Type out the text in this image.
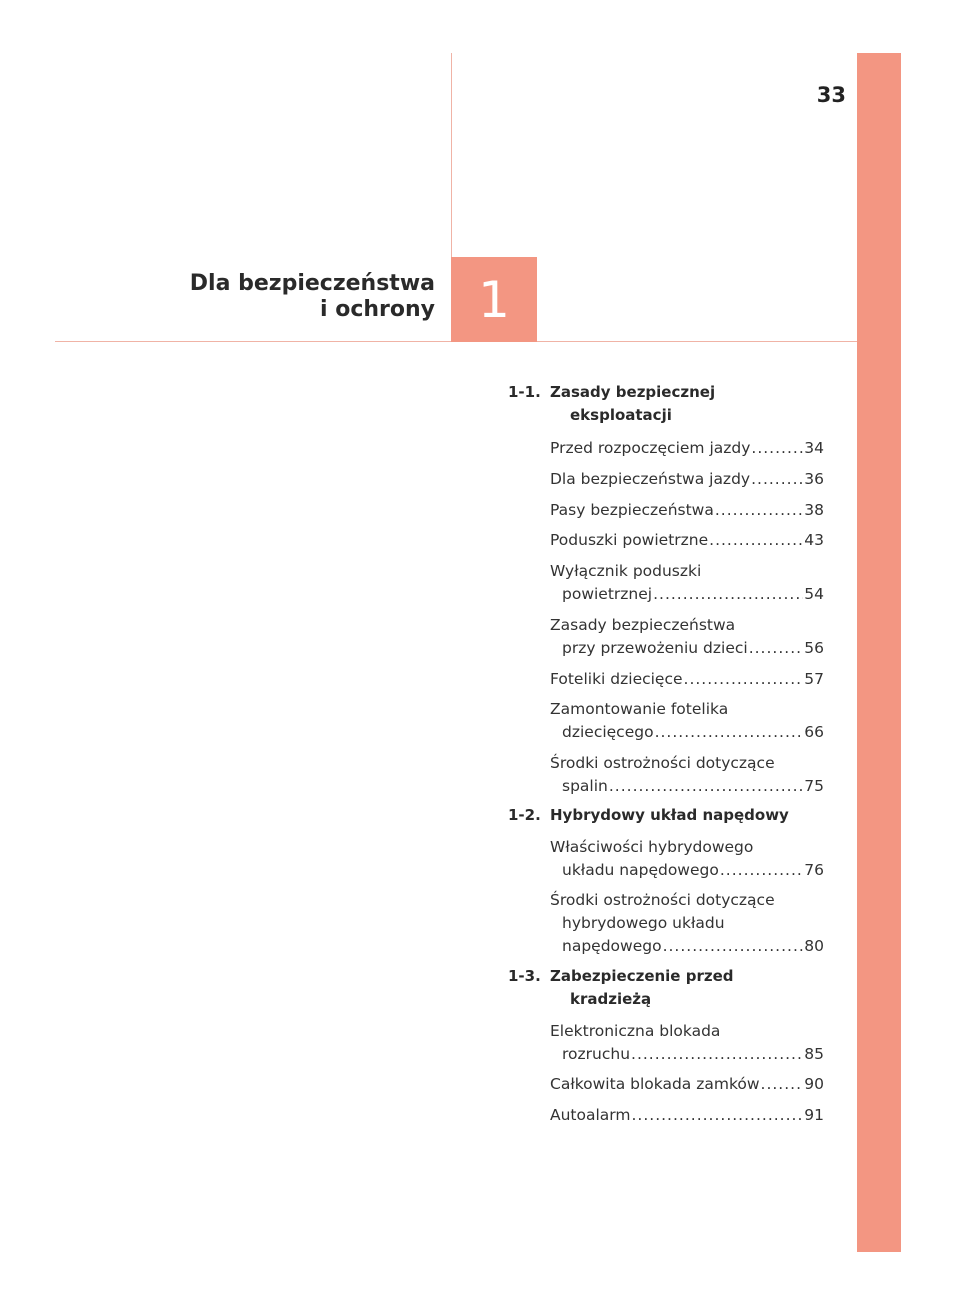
33
Dla bezpieczeństwa
i ochrony 1
1-1. Zasady bezpiecznej
eksploatacji
Przed rozpoczęciem jazdy .....	34
Dla bezpieczeństwa jazdy .....	36
Pasy bezpieczeństwa .....	38
Poduszki powietrzne .....	43
Wyłącznik poduszki
powietrznej .....	54
Zasady bezpieczeństwa
przy przewożeniu dzieci .....	56
Foteliki dziecięce .....	57
Zamontowanie fotelika
dziecięcego .....	66
Środki ostrożności dotyczące
spalin .....	75
1-2. Hybrydowy układ napędowy
Właściwości hybrydowego
układu napędowego .....	76
Środki ostrożności dotyczące
hybrydowego układu
napędowego .....	80
1-3. Zabezpieczenie przed
kradzieżą
Elektroniczna blokada
rozruchu .....	85
Całkowita blokada zamków .....	90
Autoalarm .....	91
